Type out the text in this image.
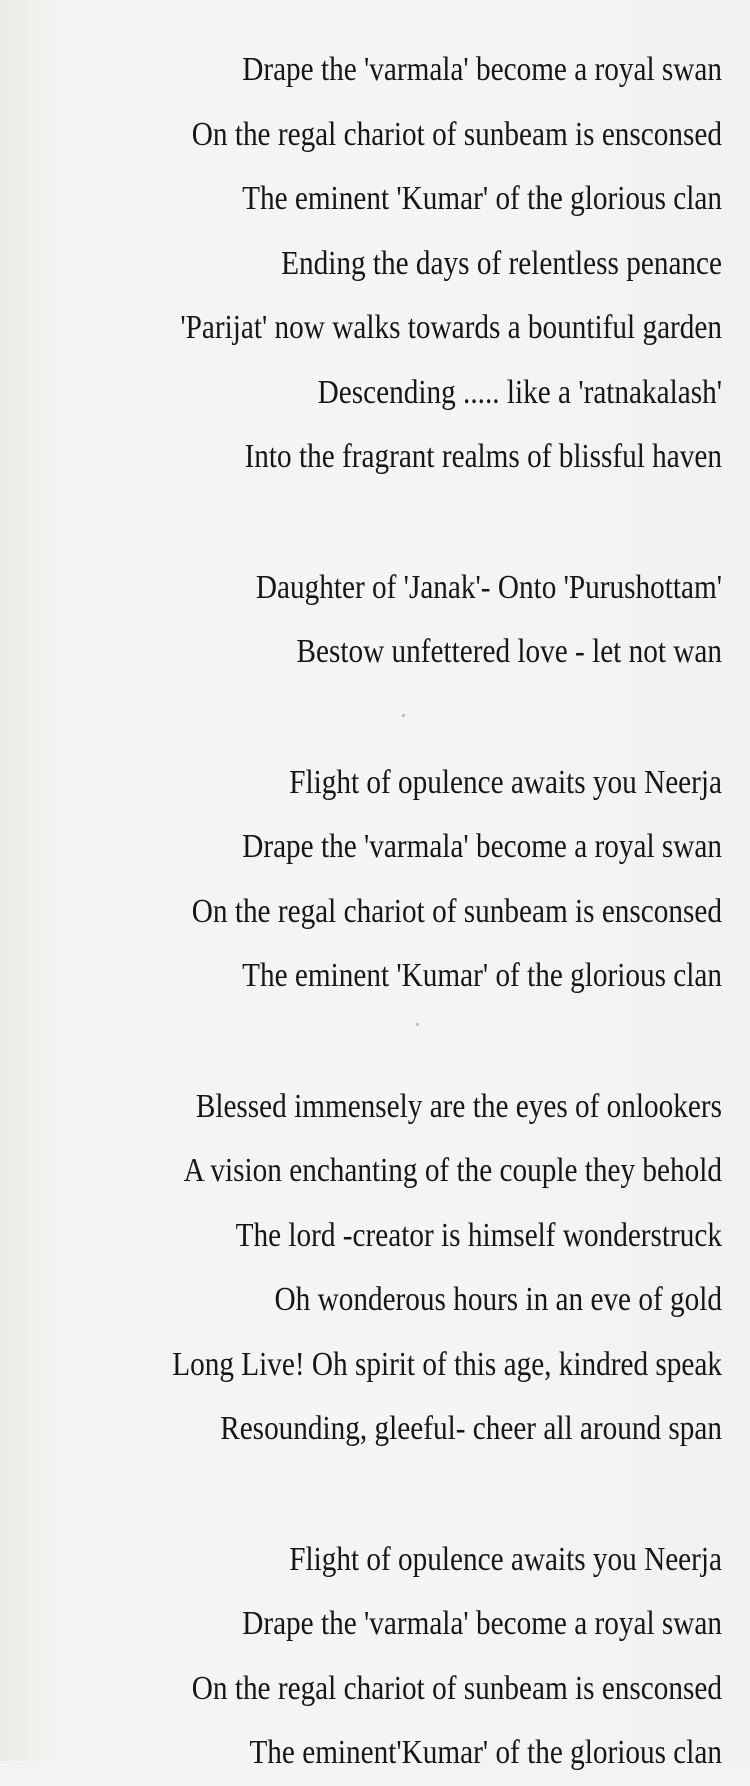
Drape the 'varmala' become a royal swan
On the regal chariot of sunbeam is ensconsed
The eminent 'Kumar' of the glorious clan
Ending the days of relentless penance
'Parijat' now walks towards a bountiful garden
Descending ..... like a 'ratnakalash'
Into the fragrant realms of blissful haven
Daughter of 'Janak'- Onto 'Purushottam'
Bestow unfettered love - let not wan
Flight of opulence awaits you Neerja
Drape the 'varmala' become a royal swan
On the regal chariot of sunbeam is ensconsed
The eminent 'Kumar' of the glorious clan
Blessed immensely are the eyes of onlookers
A vision enchanting of the couple they behold
The lord -creator is himself wonderstruck
Oh wonderous hours in an eve of gold
Long Live! Oh spirit of this age, kindred speak
Resounding, gleeful- cheer all around span
Flight of opulence awaits you Neerja
Drape the 'varmala' become a royal swan
On the regal chariot of sunbeam is ensconsed
The eminent'Kumar' of the glorious clan
